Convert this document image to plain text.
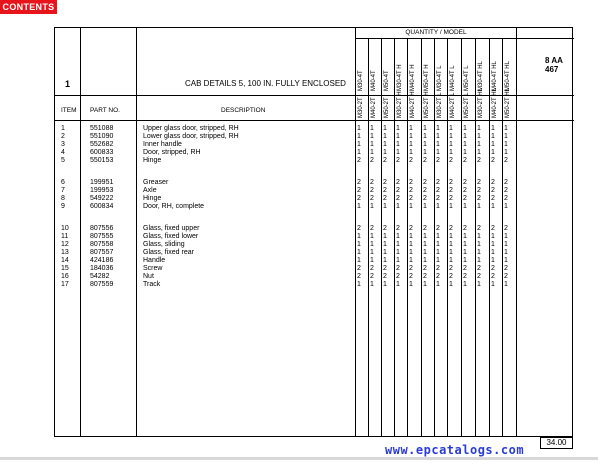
CONTENTS
QUANTITY / MODEL
8 AA 467
1	CAB DETAILS 5, 100 IN. FULLY ENCLOSED
ITEM PART NO.	DESCRIPTION
M30-4T M40-4T M50-4T M30-4T H M40-4T H M50-4T H M30-4T L M40-4T L M50-4T L M30-4T HL M40-4T HL M50-4T HL
M30-2T M40-2T M50-2T M30-2T H M40-2T H M50-2T H M30-2T L M40-2T L M50-2T L M30-2T HL M40-2T HL M50-2T HL
1	551088	Upper glass door, stripped, RH	1 1 1 1 1 1 1 1 1 1 1 1
2	551090	Lower glass door, stripped, RH	1 1 1 1 1 1 1 1 1 1 1 1
3	552682	Inner handle	1 1 1 1 1 1 1 1 1 1 1 1
4	600833	Door, stripped, RH	1 1 1 1 1 1 1 1 1 1 1 1
5	550153	Hinge	2 2 2 2 2 2 2 2 2 2 2 2
6	199951	Greaser	2 2 2 2 2 2 2 2 2 2 2 2
7	199953	Axle	2 2 2 2 2 2 2 2 2 2 2 2
8	549222	Hinge	2 2 2 2 2 2 2 2 2 2 2 2
9	600834	Door, RH, complete	1 1 1 1 1 1 1 1 1 1 1 1
10	807556	Glass, fixed upper	2 2 2 2 2 2 2 2 2 2 2 2
11	807555	Glass, fixed lower	1 1 1 1 1 1 1 1 1 1 1 1
12	807558	Glass, sliding	1 1 1 1 1 1 1 1 1 1 1 1
13	807557	Glass, fixed rear	1 1 1 1 1 1 1 1 1 1 1 1
14	424186	Handle	1 1 1 1 1 1 1 1 1 1 1 1
15	184036	Screw	2 2 2 2 2 2 2 2 2 2 2 2
16	54282	Nut	2 2 2 2 2 2 2 2 2 2 2 2
17	807559	Track	1 1 1 1 1 1 1 1 1 1 1 1
34.00
www.epcatalogs.com
